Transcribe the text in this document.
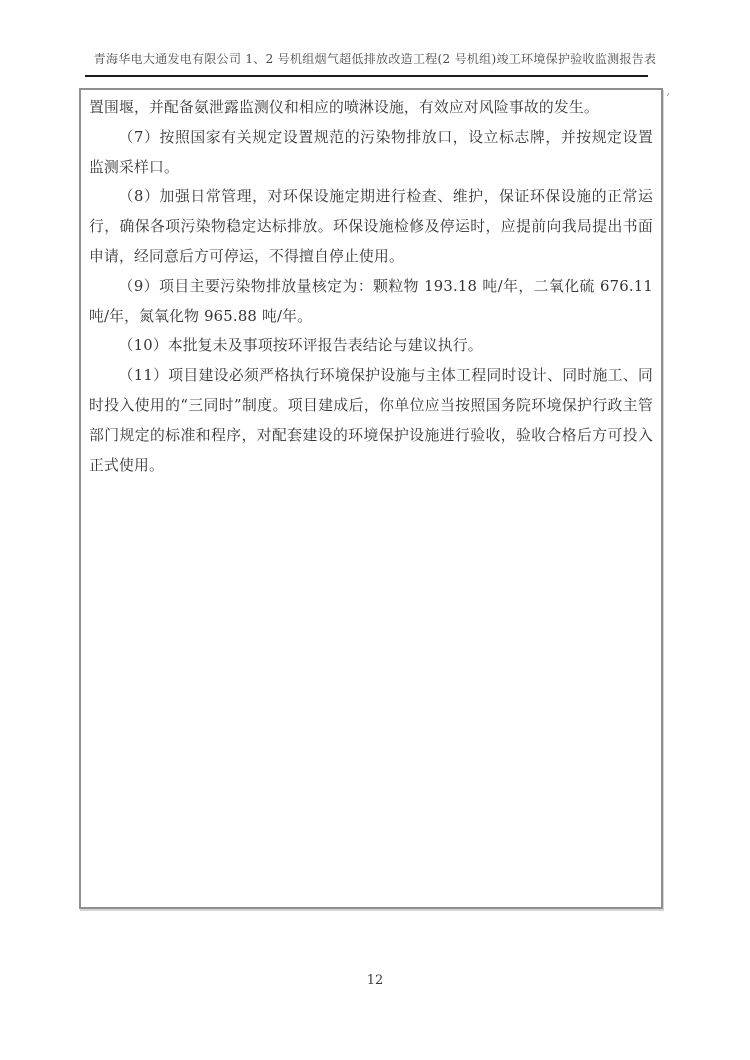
青海华电大通发电有限公司 1、2 号机组烟气超低排放改造工程(2 号机组)竣工环境保护验收监测报告表

置围堰，并配备氨泄露监测仪和相应的喷淋设施，有效应对风险事故的发生。

（7）按照国家有关规定设置规范的污染物排放口，设立标志牌，并按规定设置监测采样口。

（8）加强日常管理，对环保设施定期进行检查、维护，保证环保设施的正常运行，确保各项污染物稳定达标排放。环保设施检修及停运时，应提前向我局提出书面申请，经同意后方可停运，不得擅自停止使用。

（9）项目主要污染物排放量核定为：颗粒物 193.18 吨/年，二氧化硫 676.11 吨/年，氮氧化物 965.88 吨/年。

（10）本批复未及事项按环评报告表结论与建议执行。

（11）项目建设必须严格执行环境保护设施与主体工程同时设计、同时施工、同时投入使用的“三同时”制度。项目建成后，你单位应当按照国务院环境保护行政主管部门规定的标准和程序，对配套建设的环境保护设施进行验收，验收合格后方可投入正式使用。

ʼ
12
